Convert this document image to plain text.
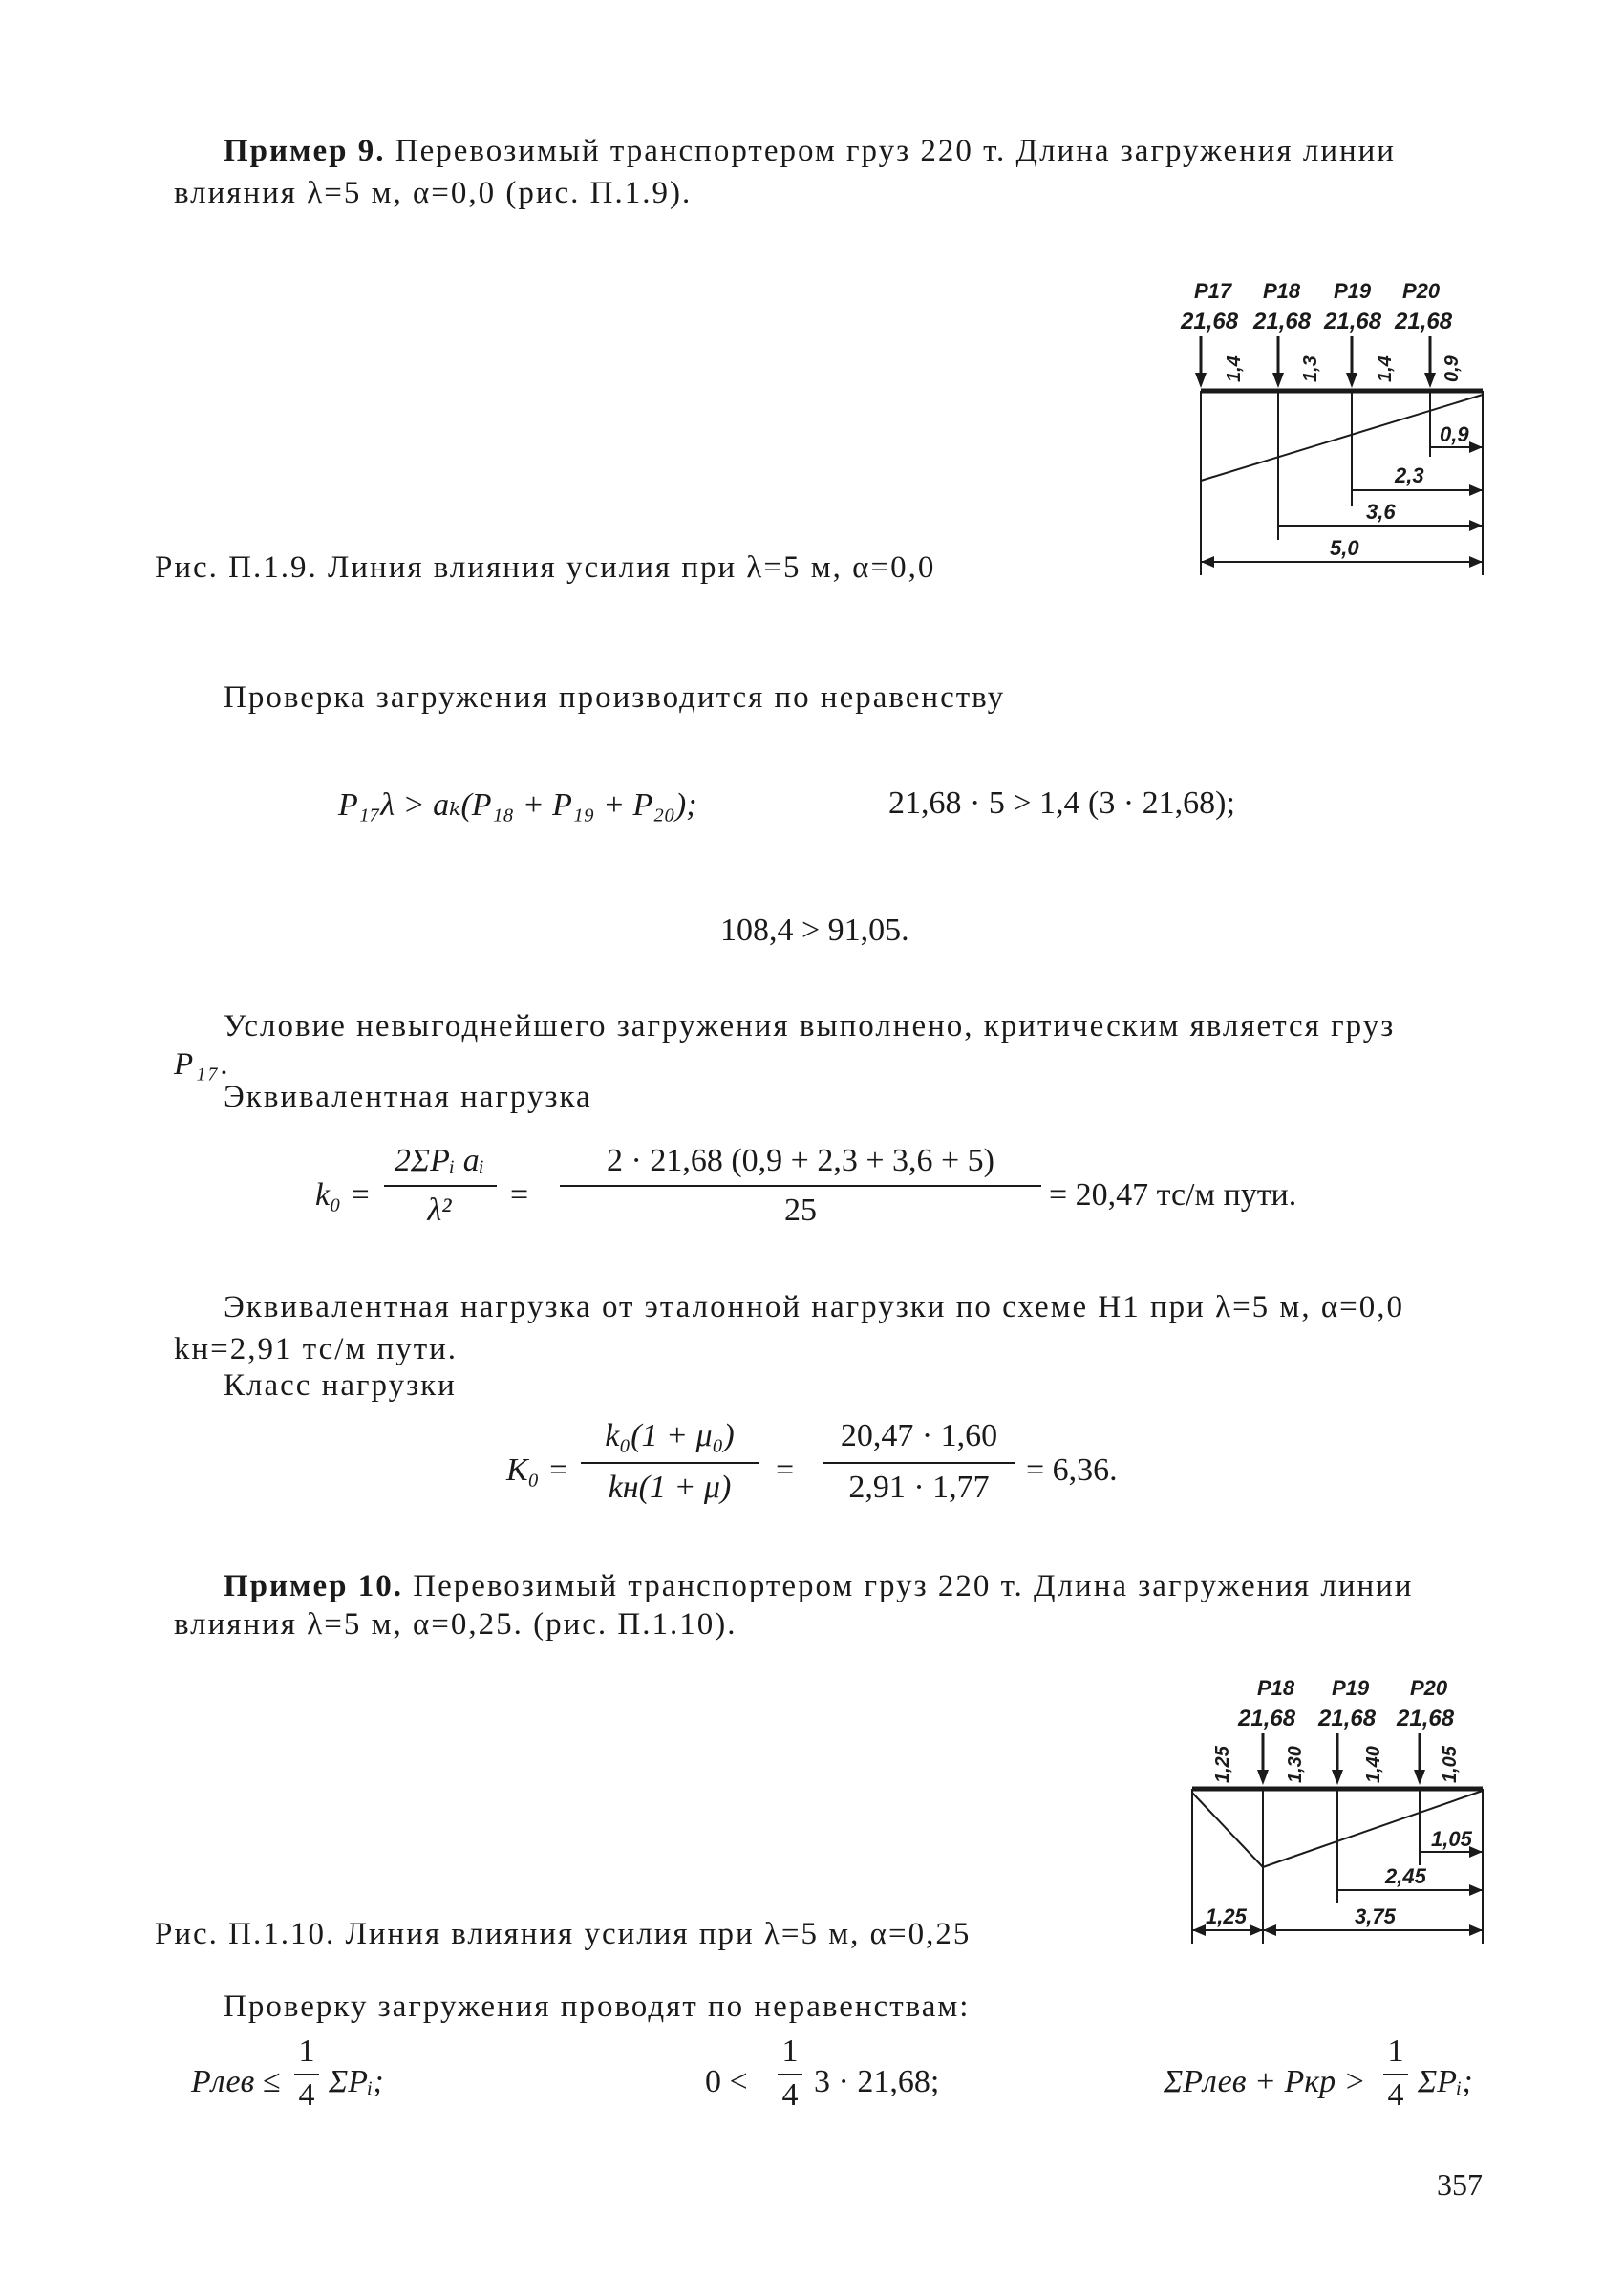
Пример 9. Перевозимый транспортером груз 220 т. Длина загружения линии
влияния λ=5 м, α=0,0 (рис. П.1.9).
P17 P18 P19 P20
21,68 21,68 21,68 21,68
1,4	1,3	1,4 0,9
0,9
2,3
3,6
5,0
Рис. П.1.9. Линия влияния усилия при λ=5 м, α=0,0
Проверка загружения производится по неравенству
P₁₇λ > aₖ(P₁₈ + P₁₉ + P₂₀);	21,68 · 5 > 1,4 (3 · 21,68);
108,4 > 91,05.
Условие невыгоднейшего загружения выполнено, критическим является груз
P₁₇.
Эквивалентная нагрузка
k₀ =
2ΣPᵢ aᵢ
λ²	=
2 · 21,68 (0,9 + 2,3 + 3,6 + 5)
25	= 20,47 тс/м пути.
Эквивалентная нагрузка от эталонной нагрузки по схеме Н1 при λ=5 м, α=0,0
kн=2,91 тс/м пути.
Класс нагрузки
K₀ =
k₀(1 + μ₀)
kн(1 + μ)	=
20,47 · 1,60
2,91 · 1,77	= 6,36.
Пример 10. Перевозимый транспортером груз 220 т. Длина загружения линии
влияния λ=5 м, α=0,25. (рис. П.1.10).
P18 P19 P20
21,68 21,68 21,68
1,25	1,30	1,40	1,05
1,05
2,45
1,25	3,75
Рис. П.1.10. Линия влияния усилия при λ=5 м, α=0,25
Проверку загружения проводят по неравенствам:
Pлев ≤
1
4 ΣPᵢ;	0 <
1
4 3 · 21,68;	ΣPлев + Pкр >
1
4 ΣPᵢ;
357
